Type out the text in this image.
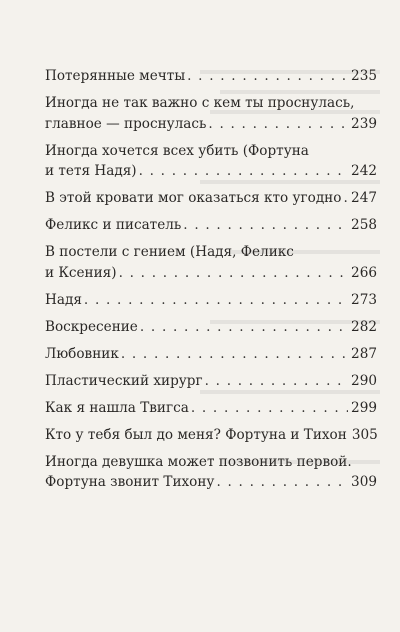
Потерянные мечты . . .	235
Иногда не так важно с кем ты проснулась,
главное — проснулась . . .	239
Иногда хочется всех убить (Фортуна
и тетя Надя) . . .	242
В этой кровати мог оказаться кто угодно . . . 247
Феликс и писатель . . .	258
В постели с гением (Надя, Феликс
и Ксения) . . .	266
Надя . . .	273
Воскресение . . .	282
Любовник . . .	287
Пластический хирург . . .	290
Как я нашла Твигса . . .	299
Кто у тебя был до меня? Фортуна и Тихон 305
Иногда девушка может позвонить первой.
Фортуна звонит Тихону . . .	309
